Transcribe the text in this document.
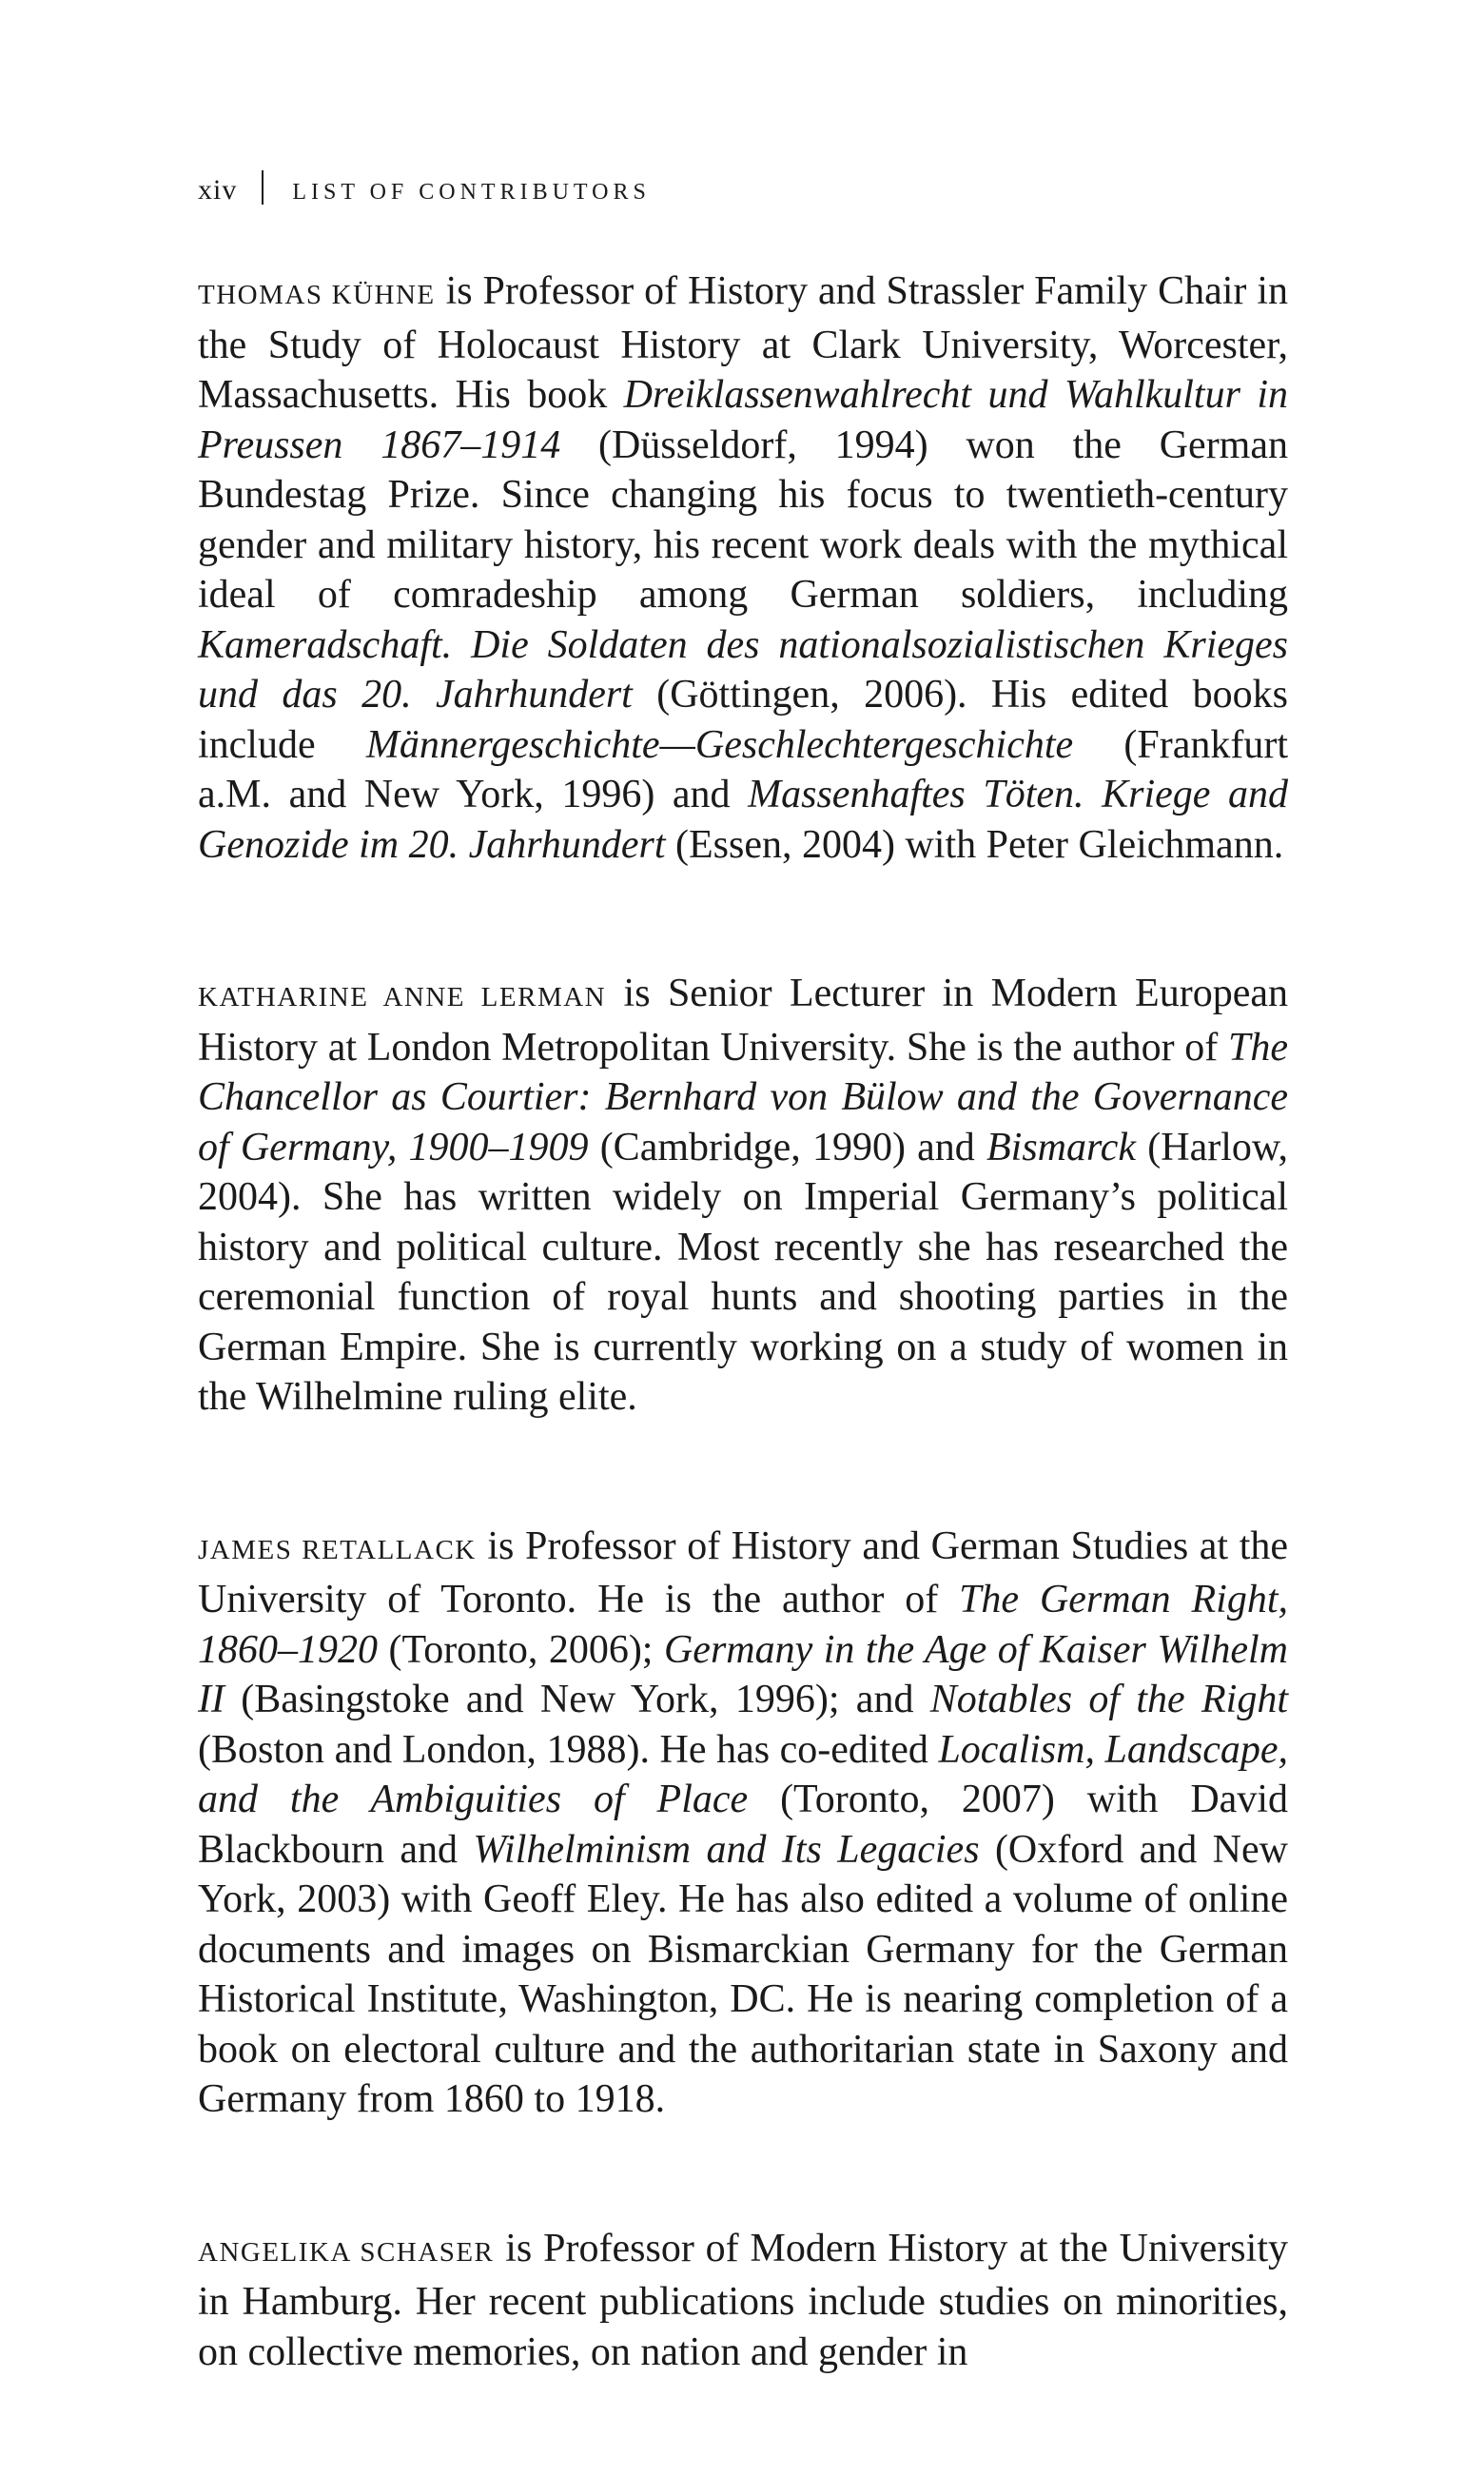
xiv LIST OF CONTRIBUTORS

THOMAS KÜHNE is Professor of History and Strassler Family Chair in the Study of Holocaust History at Clark University, Worcester, Massachusetts. His book Dreiklassenwahlrecht und Wahlkultur in Preussen 1867–1914 (Düsseldorf, 1994) won the German Bundestag Prize. Since changing his focus to twentieth-century gender and military history, his recent work deals with the mythical ideal of comradeship among German soldiers, including Kameradschaft. Die Soldaten des nationalsozialistischen Krieges und das 20. Jahrhundert (Göttingen, 2006). His edited books include Männergeschichte—Geschlechtergeschichte (Frankfurt a.M. and New York, 1996) and Massenhaftes Töten. Kriege and Genozide im 20. Jahrhundert (Essen, 2004) with Peter Gleichmann.

KATHARINE ANNE LERMAN is Senior Lecturer in Modern European History at London Metropolitan University. She is the author of The Chancellor as Courtier: Bernhard von Bülow and the Governance of Germany, 1900–1909 (Cambridge, 1990) and Bismarck (Harlow, 2004). She has written widely on Imperial Germany’s political history and political culture. Most recently she has researched the ceremonial function of royal hunts and shooting parties in the German Empire. She is currently working on a study of women in the Wilhelmine ruling elite.

JAMES RETALLACK is Professor of History and German Studies at the University of Toronto. He is the author of The German Right, 1860–1920 (Toronto, 2006); Germany in the Age of Kaiser Wilhelm II (Basingstoke and New York, 1996); and Notables of the Right (Boston and London, 1988). He has co-edited Localism, Landscape, and the Ambiguities of Place (Toronto, 2007) with David Blackbourn and Wilhelminism and Its Legacies (Oxford and New York, 2003) with Geoff Eley. He has also edited a volume of online documents and images on Bismarckian Germany for the German Historical Institute, Washington, DC. He is nearing completion of a book on electoral culture and the authoritarian state in Saxony and Germany from 1860 to 1918.

ANGELIKA SCHASER is Professor of Modern History at the University in Hamburg. Her recent publications include studies on minorities, on collective memories, on nation and gender in
